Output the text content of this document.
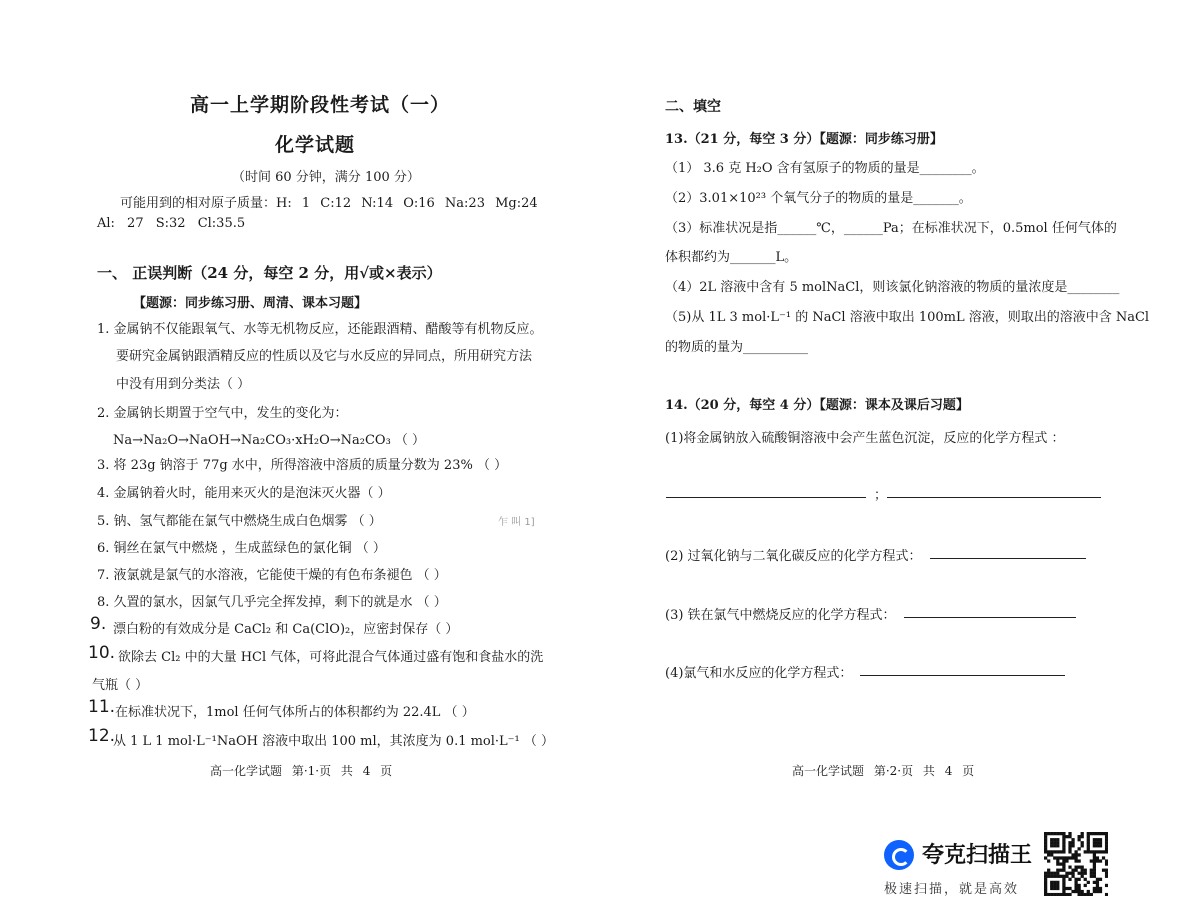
高一上学期阶段性考试（一）
化学试题
（时间 60 分钟，满分 100 分）
可能用到的相对原子质量：H: 1 C:12 N:14 O:16 Na:23 Mg:24
Al: 27 S:32 Cl:35.5
一、 正误判断（24 分，每空 2 分，用√或×表示）
【题源：同步练习册、周清、课本习题】
1. 金属钠不仅能跟氧气、水等无机物反应，还能跟酒精、醋酸等有机物反应。
要研究金属钠跟酒精反应的性质以及它与水反应的异同点，所用研究方法
中没有用到分类法（ ）
2. 金属钠长期置于空气中，发生的变化为：
Na→Na₂O→NaOH→Na₂CO₃·xH₂O→Na₂CO₃ （ ）
3. 将 23g 钠溶于 77g 水中，所得溶液中溶质的质量分数为 23% （ ）
4. 金属钠着火时，能用来灭火的是泡沫灭火器（ ）
5. 钠、氢气都能在氯气中燃烧生成白色烟雾 （ ）	乍 叫 1]
6. 铜丝在氯气中燃烧 ，生成蓝绿色的氯化铜 （ ）
7. 液氯就是氯气的水溶液，它能使干燥的有色布条褪色 （ ）
8. 久置的氯水，因氯气几乎完全挥发掉，剩下的就是水 （ ）
9. 漂白粉的有效成分是 CaCl₂ 和 Ca(ClO)₂，应密封保存（ ）
10. 欲除去 Cl₂ 中的大量 HCl 气体，可将此混合气体通过盛有饱和食盐水的洗
气瓶（ ）
11. 在标准状况下，1mol 任何气体所占的体积都约为 22.4L （ ）
12.
从 1 L 1 mol·L⁻¹NaOH 溶液中取出 100 ml，其浓度为 0.1 mol·L⁻¹ （ ）
高一化学试题 第·1·页 共 4 页
二、填空
13.（21 分，每空 3 分）【题源：同步练习册】
（1） 3.6 克 H₂O 含有氢原子的物质的量是________。
（2）3.01×10²³ 个氧气分子的物质的量是_______。
（3）标准状况是指______℃，______Pa；在标准状况下，0.5mol 任何气体的
体积都约为_______L。
（4）2L 溶液中含有 5 molNaCl，则该氯化钠溶液的物质的量浓度是________
（5)从 1L 3 mol·L⁻¹ 的 NaCl 溶液中取出 100mL 溶液，则取出的溶液中含 NaCl
的物质的量为__________
14.（20 分，每空 4 分）【题源：课本及课后习题】
(1)将金属钠放入硫酸铜溶液中会产生蓝色沉淀，反应的化学方程式 ：
；
(2) 过氧化钠与二氧化碳反应的化学方程式：
(3) 铁在氯气中燃烧反应的化学方程式：
(4)氯气和水反应的化学方程式：
高一化学试题 第·2·页 共 4 页
夸克扫描王
极速扫描，就是高效
